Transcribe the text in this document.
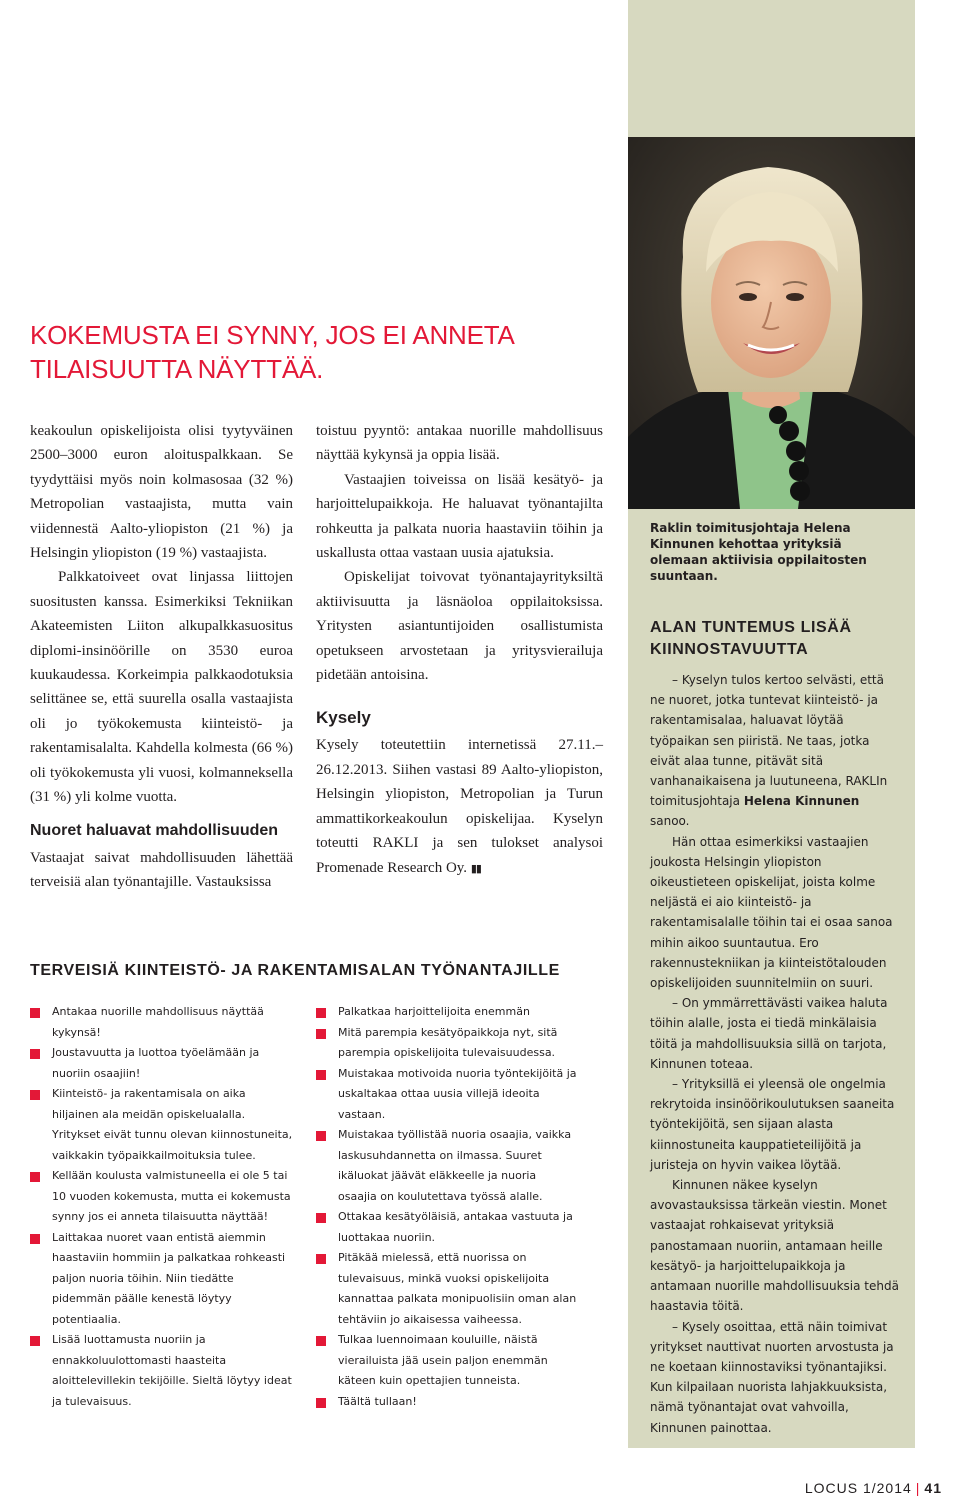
KOKEMUSTA EI SYNNY, JOS EI ANNETA
TILAISUUTTA NÄYTTÄÄ.

keakoulun opiskelijoista olisi tyytyväinen 2500–3000 euron aloituspalkkaan. Se tyydyttäisi myös noin kolmasosaa (32 %) Metropolian vastaajista, mutta vain viidennestä Aalto-yliopiston (21 %) ja Helsingin yliopiston (19 %) vastaajista.

Palkkatoiveet ovat linjassa liittojen suositusten kanssa. Esimerkiksi Tekniikan Akateemisten Liiton alkupalkkasuositus diplomi-insinöörille on 3530 euroa kuukaudessa. Korkeimpia palkkaodotuksia selittänee se, että suurella osalla vastaajista oli jo työkokemusta kiinteistö- ja rakentamisalalta. Kahdella kolmesta (66 %) oli työkokemusta yli vuosi, kolmanneksella (31 %) yli kolme vuotta.

Nuoret haluavat mahdollisuuden

Vastaajat saivat mahdollisuuden lähettää terveisiä alan työnantajille. Vastauksissa

toistuu pyyntö: antakaa nuorille mahdollisuus näyttää kykynsä ja oppia lisää.

Vastaajien toiveissa on lisää kesätyö- ja harjoittelupaikkoja. He haluavat työnantajilta rohkeutta ja palkata nuoria haastaviin töihin ja uskallusta ottaa vastaan uusia ajatuksia.

Opiskelijat toivovat työnantajayrityksiltä aktiivisuutta ja läsnäoloa oppilaitoksissa. Yritysten asiantuntijoiden osallistumista opetukseen arvostetaan ja yritysvierailuja pidetään antoisina.

Kysely

Kysely toteutettiin internetissä 27.11.–26.12.2013. Siihen vastasi 89 Aalto-yliopiston, Helsingin yliopiston, Metropolian ja Turun ammattikorkeakoulun opiskelijaa. Kyselyn toteutti RAKLI ja sen tulokset analysoi Promenade Research Oy. ▮▮

TERVEISIÄ KIINTEISTÖ- JA RAKENTAMISALAN TYÖNANTAJILLE
Antakaa nuorille mahdollisuus näyttää kykynsä!
Joustavuutta ja luottoa työelämään ja nuoriin osaajiin!
Kiinteistö- ja rakentamisala on aika hiljainen ala meidän opiskelualalla. Yritykset eivät tunnu olevan kiinnostuneita, vaikkakin työpaikkailmoituksia tulee.
Kellään koulusta valmistuneella ei ole 5 tai 10 vuoden kokemusta, mutta ei kokemusta synny jos ei anneta tilaisuutta näyttää!
Laittakaa nuoret vaan entistä aiemmin haastaviin hommiin ja palkatkaa rohkeasti paljon nuoria töihin. Niin tiedätte pidemmän päälle kenestä löytyy potentiaalia.
Lisää luottamusta nuoriin ja ennakkoluulottomasti haasteita aloittelevillekin tekijöille. Sieltä löytyy ideat ja tulevaisuus.
Palkatkaa harjoittelijoita enemmän
Mitä parempia kesätyöpaikkoja nyt, sitä parempia opiskelijoita tulevaisuudessa.
Muistakaa motivoida nuoria työntekijöitä ja uskaltakaa ottaa uusia villejä ideoita vastaan.
Muistakaa työllistää nuoria osaajia, vaikka laskusuhdannetta on ilmassa. Suuret ikäluokat jäävät eläkkeelle ja nuoria osaajia on koulutettava työssä alalle.
Ottakaa kesätyöläisiä, antakaa vastuuta ja luottakaa nuoriin.
Pitäkää mielessä, että nuorissa on tulevaisuus, minkä vuoksi opiskelijoita kannattaa palkata monipuolisiin oman alan tehtäviin jo aikaisessa vaiheessa.
Tulkaa luennoimaan kouluille, näistä vierailuista jää usein paljon enemmän käteen kuin opettajien tunneista.
Täältä tullaan!

Raklin toimitusjohtaja Helena Kinnunen kehottaa yrityksiä olemaan aktiivisia oppilaitosten suuntaan.

ALAN TUNTEMUS LISÄÄ
KIINNOSTAVUUTTA

– Kyselyn tulos kertoo selvästi, että ne nuoret, jotka tuntevat kiinteistö- ja rakentamisalaa, haluavat löytää työpaikan sen piiristä. Ne taas, jotka eivät alaa tunne, pitävät sitä vanhanaikaisena ja luutuneena, RAKLIn toimitusjohtaja Helena Kinnunen sanoo.

Hän ottaa esimerkiksi vastaajien joukosta Helsingin yliopiston oikeustieteen opiskelijat, joista kolme neljästä ei aio kiinteistö- ja rakentamisalalle töihin tai ei osaa sanoa mihin aikoo suuntautua. Ero rakennustekniikan ja kiinteistötalouden opiskelijoiden suunnitelmiin on suuri.

– On ymmärrettävästi vaikea halutа töihin alalle, josta ei tiedä minkälaisia töitä ja mahdollisuuksia sillä on tarjota, Kinnunen toteaa.

– Yrityksillä ei yleensä ole ongelmia rekrytoida insinöörikoulutuksen saaneita työntekijöitä, sen sijaan alasta kiinnostuneita kauppatieteilijöitä ja juristeja on hyvin vaikea löytää.

Kinnunen näkee kyselyn avovastauksissa tärkeän viestin. Monet vastaajat rohkaisevat yrityksiä panostamaan nuoriin, antamaan heille kesätyö- ja harjoittelupaikkoja ja antamaan nuorille mahdollisuuksia tehdä haastavia töitä.

– Kysely osoittaa, että näin toimivat yritykset nauttivat nuorten arvostusta ja ne koetaan kiinnostaviksi työnantajiksi. Kun kilpailaan nuorista lahjakkuuksista, nämä työnantajat ovat vahvoilla, Kinnunen painottaa.

LOCUS 1/2014 | 41
